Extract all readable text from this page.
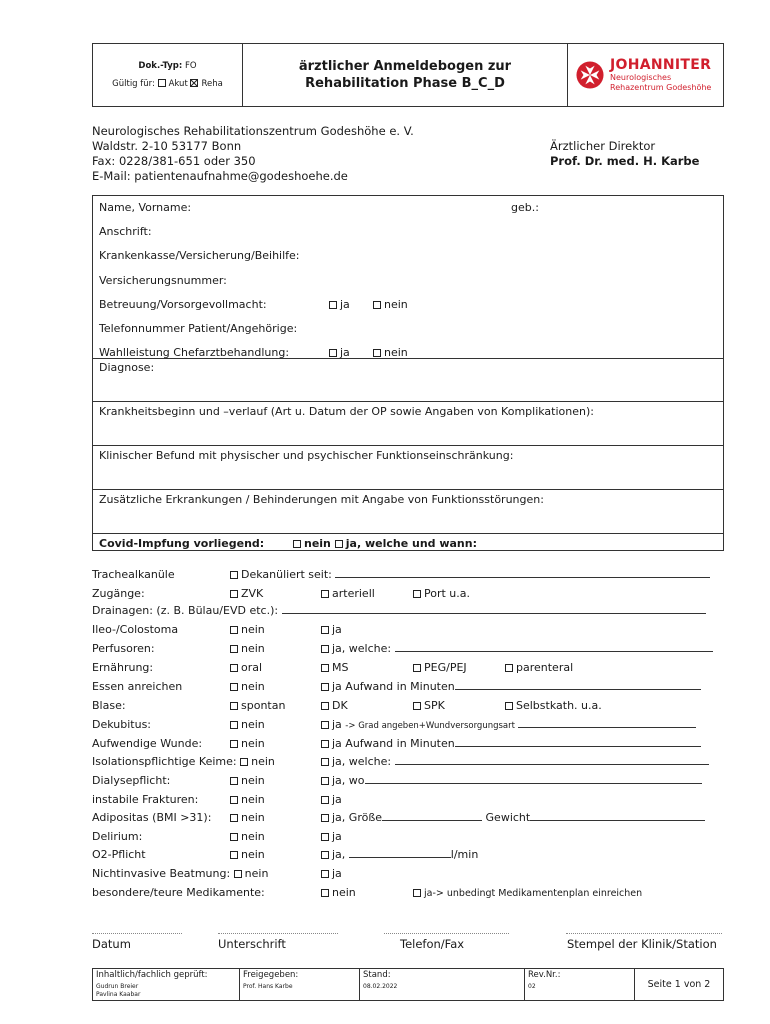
Dok.-Typ: FO
Gültig für: Akut Reha
ärztlicher Anmeldebogen zur
Rehabilitation Phase B_C_D
JOHANNITER
Neurologisches
Rehazentrum Godeshöhe
Neurologisches Rehabilitationszentrum Godeshöhe e. V.
Waldstr. 2-10 53177 Bonn
Fax: 0228/381-651 oder 350
E-Mail: patientenaufnahme@godeshoehe.de
Ärztlicher Direktor
Prof. Dr. med. H. Karbe
Name, Vorname:	geb.:
Anschrift:
Krankenkasse/Versicherung/Beihilfe:
Versicherungsnummer:
Betreuung/Vorsorgevollmacht:	ja	nein
Telefonnummer Patient/Angehörige:
Wahlleistung Chefarztbehandlung:	ja	nein
Diagnose:
Krankheitsbeginn und –verlauf (Art u. Datum der OP sowie Angaben von Komplikationen):
Klinischer Befund mit physischer und psychischer Funktionseinschränkung:
Zusätzliche Erkrankungen / Behinderungen mit Angabe von Funktionsstörungen:
Covid-Impfung vorliegend:	nein ja, welche und wann:
Trachealkanüle	Dekanüliert seit:
Zugänge:	ZVK	arteriell	Port u.a.
Drainagen: (z. B. Bülau/EVD etc.):
Ileo-/Colostoma	nein	ja
Perfusoren:	nein	ja, welche:
Ernährung:	oral	MS	PEG/PEJ	parenteral
Essen anreichen	nein	ja Aufwand in Minuten
Blase:	spontan	DK	SPK	Selbstkath. u.a.
Dekubitus:	nein	ja -> Grad angeben+Wundversorgungsart
Aufwendige Wunde:	nein	ja Aufwand in Minuten
Isolationspflichtige Keime: nein	ja, welche:
Dialysepflicht:	nein	ja, wo
instabile Frakturen:	nein	ja
Adipositas (BMI >31):	nein	ja, Größe	Gewicht
Delirium:	nein	ja
O2-Pflicht	nein	ja,	l/min
Nichtinvasive Beatmung: nein	ja
besondere/teure Medikamente:	nein	ja-> unbedingt Medikamentenplan einreichen
Datum	Unterschrift	Telefon/Fax	Stempel der Klinik/Station
Inhaltlich/fachlich geprüft:
Gudrun Breier
Pavlina Kaabar
Freigegeben:
Prof. Hans Karbe
Stand:
08.02.2022
Rev.Nr.:
02	Seite 1 von 2
